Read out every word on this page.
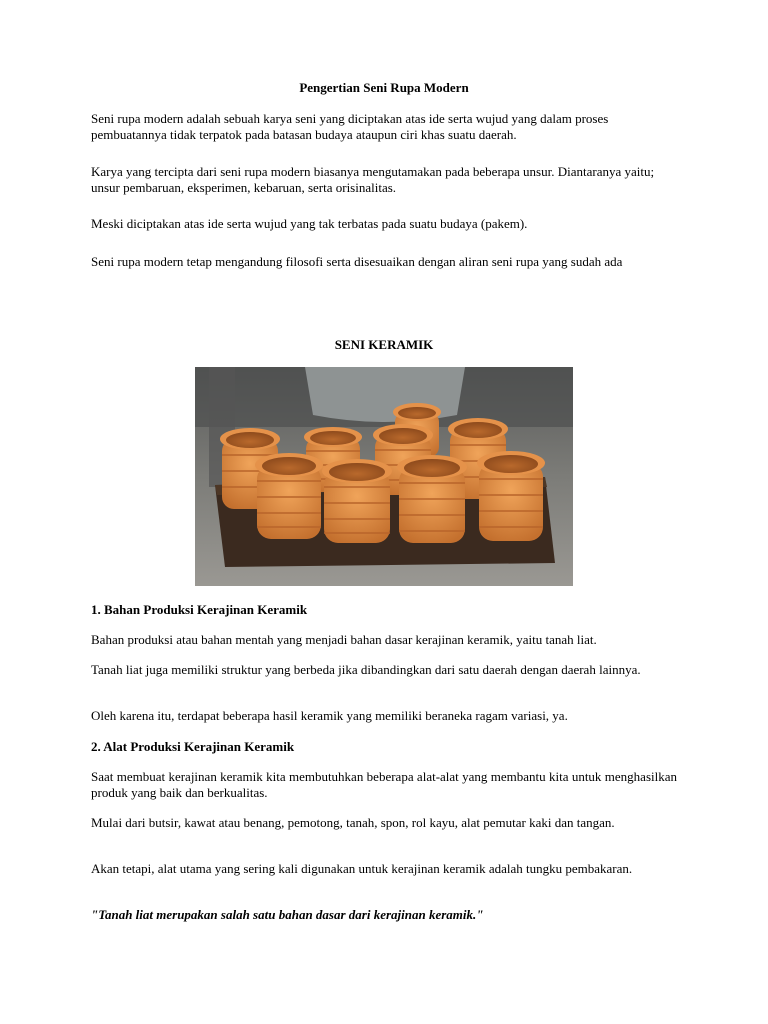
Pengertian Seni Rupa Modern

Seni rupa modern adalah sebuah karya seni yang diciptakan atas ide serta wujud yang dalam proses pembuatannya tidak terpatok pada batasan budaya ataupun ciri khas suatu daerah.

Karya yang tercipta dari seni rupa modern biasanya mengutamakan pada beberapa unsur. Diantaranya yaitu; unsur pembaruan, eksperimen, kebaruan, serta orisinalitas.

Meski diciptakan atas ide serta wujud yang tak terbatas pada suatu budaya (pakem).

Seni rupa modern tetap mengandung filosofi serta disesuaikan dengan aliran seni rupa yang sudah ada

SENI KERAMIK

1. Bahan Produksi Kerajinan Keramik

Bahan produksi atau bahan mentah yang menjadi bahan dasar kerajinan keramik, yaitu tanah liat.

Tanah liat juga memiliki struktur yang berbeda jika dibandingkan dari satu daerah dengan daerah lainnya.

Oleh karena itu, terdapat beberapa hasil keramik yang memiliki beraneka ragam variasi, ya.

2. Alat Produksi Kerajinan Keramik

Saat membuat kerajinan keramik kita membutuhkan beberapa alat-alat yang membantu kita untuk menghasilkan produk yang baik dan berkualitas.

Mulai dari butsir, kawat atau benang, pemotong, tanah, spon, rol kayu, alat pemutar kaki dan tangan.

Akan tetapi, alat utama yang sering kali digunakan untuk kerajinan keramik adalah tungku pembakaran.

"Tanah liat merupakan salah satu bahan dasar dari kerajinan keramik."
